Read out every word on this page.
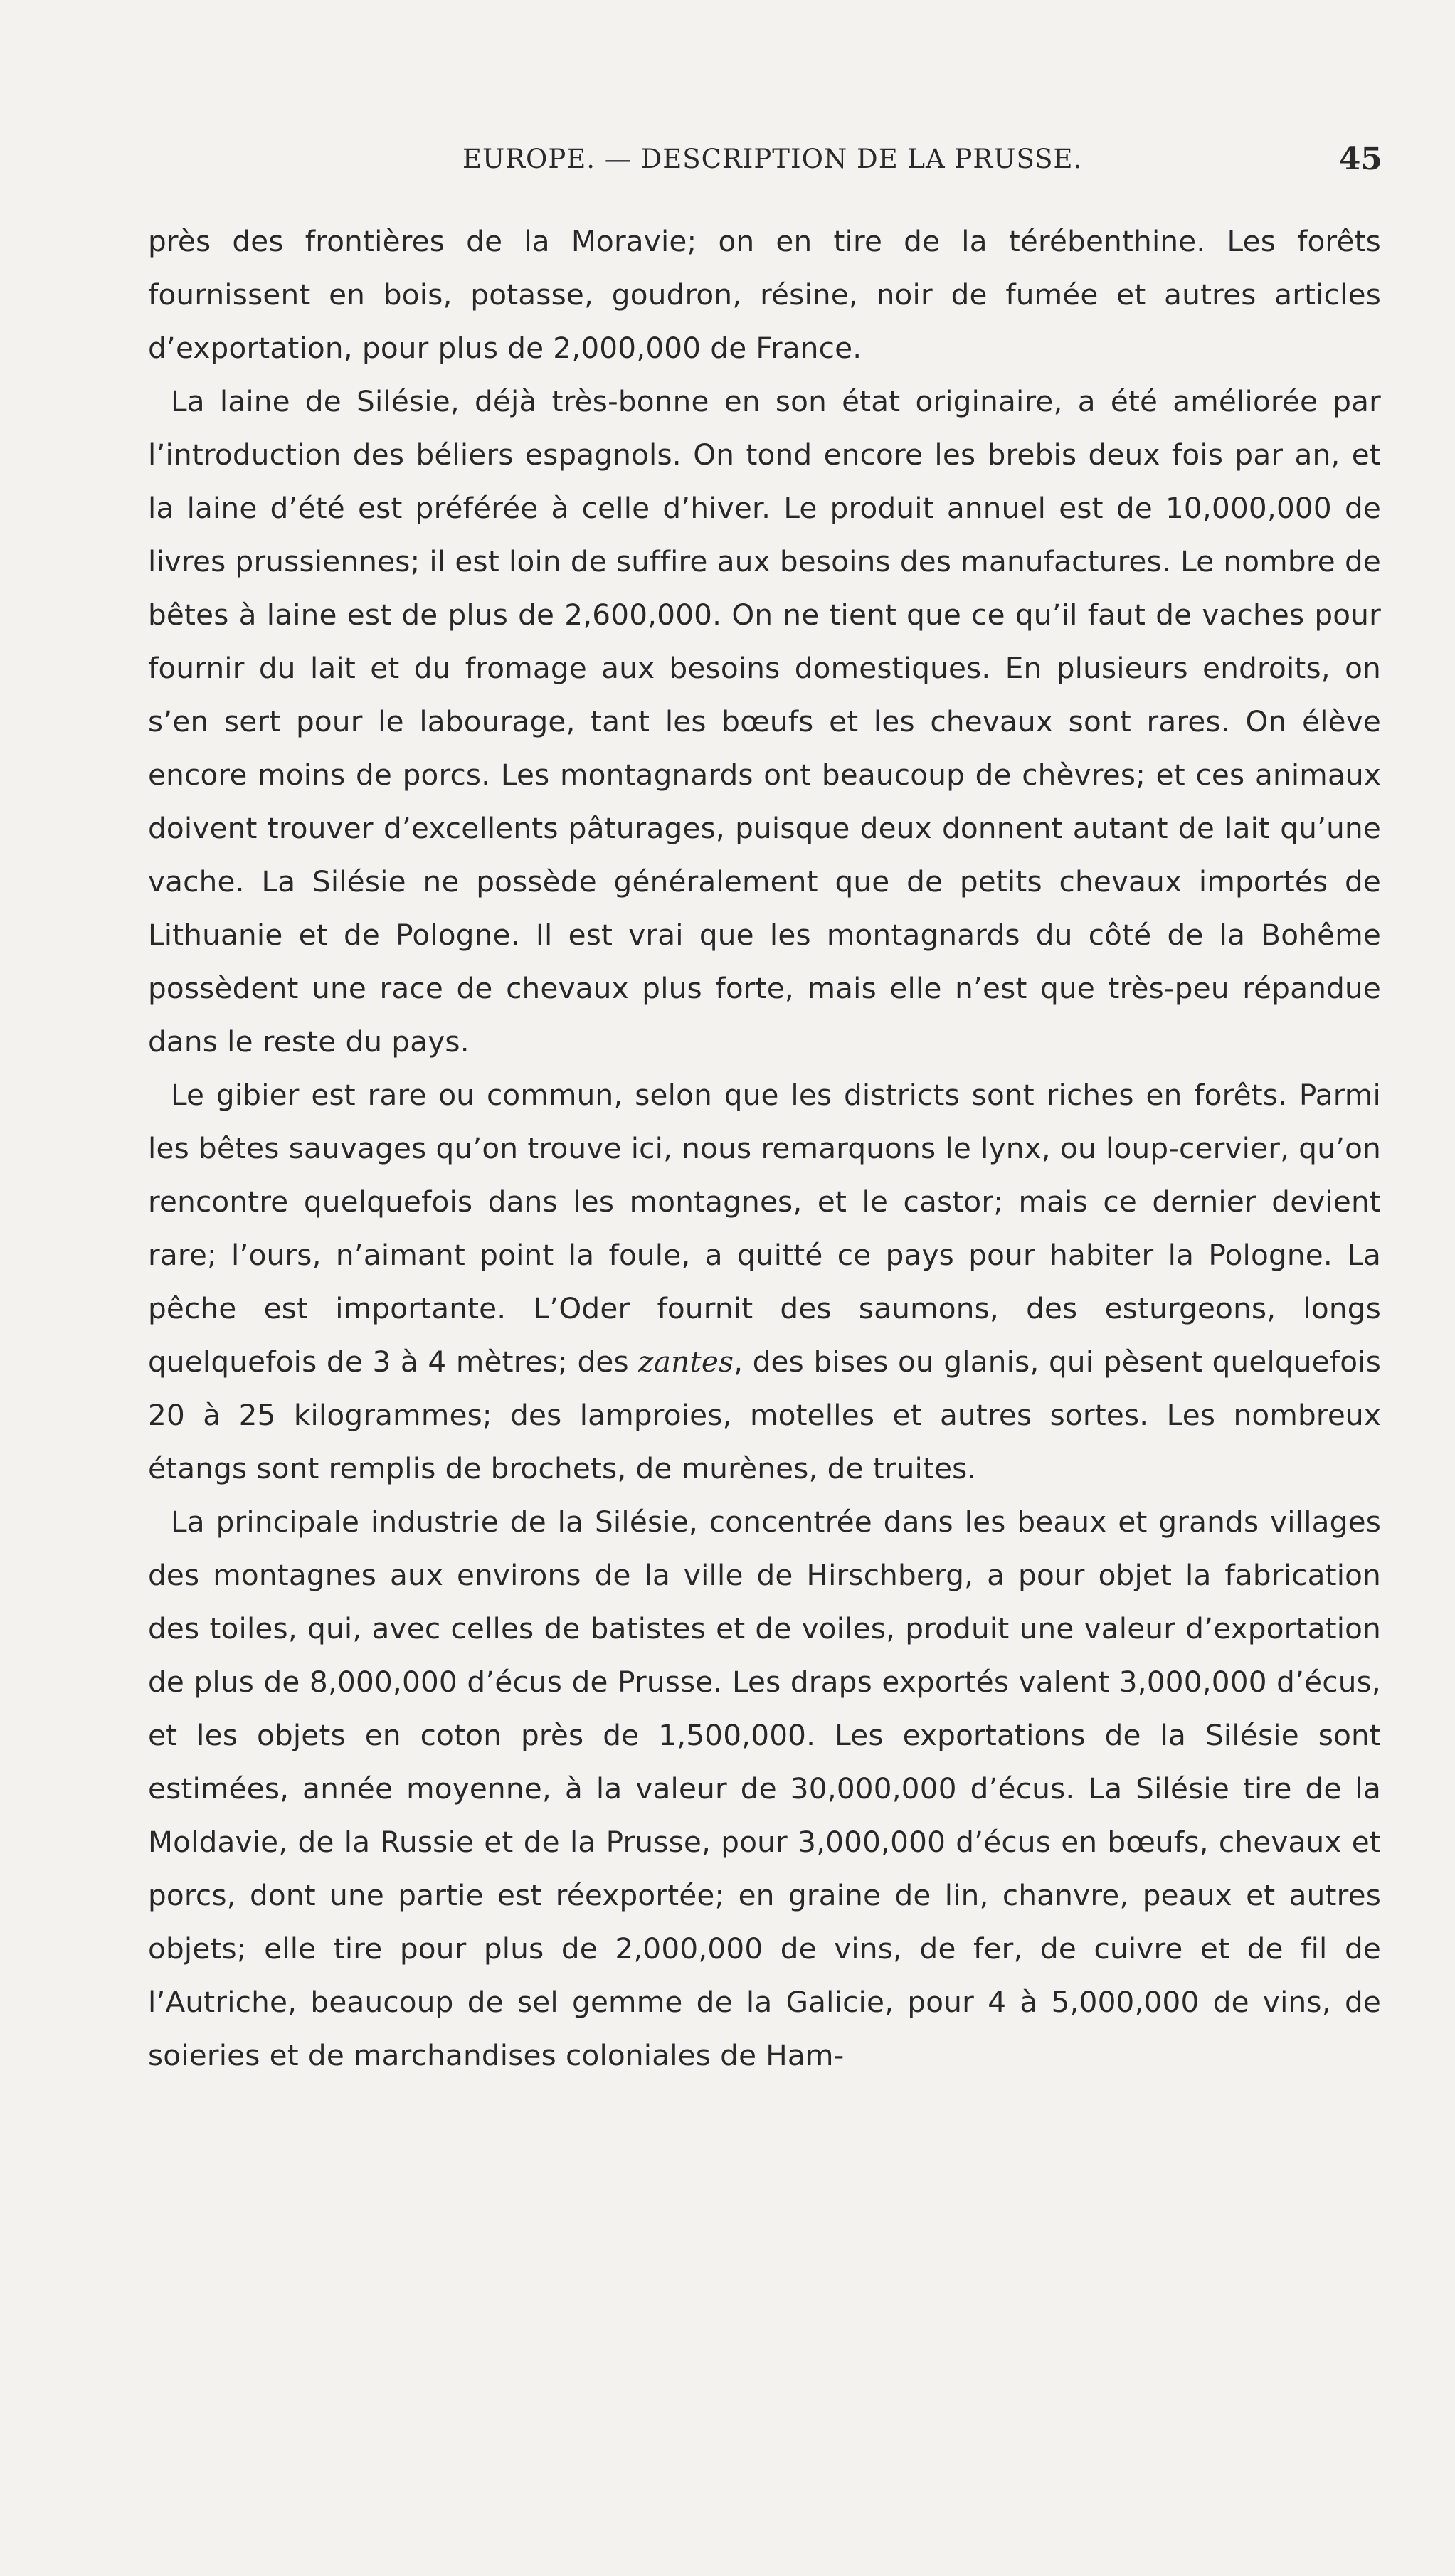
EUROPE. — DESCRIPTION DE LA PRUSSE.	45

près des frontières de la Moravie; on en tire de la térébenthine. Les forêts fournissent en bois, potasse, goudron, résine, noir de fumée et autres articles d’exportation, pour plus de 2,000,000 de France.

La laine de Silésie, déjà très-bonne en son état originaire, a été améliorée par l’introduction des béliers espagnols. On tond encore les brebis deux fois par an, et la laine d’été est préférée à celle d’hiver. Le produit annuel est de 10,000,000 de livres prussiennes; il est loin de suffire aux besoins des manufactures. Le nombre de bêtes à laine est de plus de 2,600,000. On ne tient que ce qu’il faut de vaches pour fournir du lait et du fromage aux besoins domestiques. En plusieurs endroits, on s’en sert pour le labourage, tant les bœufs et les chevaux sont rares. On élève encore moins de porcs. Les montagnards ont beaucoup de chèvres; et ces animaux doivent trouver d’excellents pâturages, puisque deux donnent autant de lait qu’une vache. La Silésie ne possède généralement que de petits chevaux importés de Lithuanie et de Pologne. Il est vrai que les montagnards du côté de la Bohême possèdent une race de chevaux plus forte, mais elle n’est que très-peu répandue dans le reste du pays.

Le gibier est rare ou commun, selon que les districts sont riches en forêts. Parmi les bêtes sauvages qu’on trouve ici, nous remarquons le lynx, ou loup-cervier, qu’on rencontre quelquefois dans les montagnes, et le castor; mais ce dernier devient rare; l’ours, n’aimant point la foule, a quitté ce pays pour habiter la Pologne. La pêche est importante. L’Oder fournit des saumons, des esturgeons, longs quelquefois de 3 à 4 mètres; des zantes, des bises ou glanis, qui pèsent quelquefois 20 à 25 kilogrammes; des lamproies, motelles et autres sortes. Les nombreux étangs sont remplis de brochets, de murènes, de truites.

La principale industrie de la Silésie, concentrée dans les beaux et grands villages des montagnes aux environs de la ville de Hirschberg, a pour objet la fabrication des toiles, qui, avec celles de batistes et de voiles, produit une valeur d’exportation de plus de 8,000,000 d’écus de Prusse. Les draps exportés valent 3,000,000 d’écus, et les objets en coton près de 1,500,000. Les exportations de la Silésie sont estimées, année moyenne, à la valeur de 30,000,000 d’écus. La Silésie tire de la Moldavie, de la Russie et de la Prusse, pour 3,000,000 d’écus en bœufs, chevaux et porcs, dont une partie est réexportée; en graine de lin, chanvre, peaux et autres objets; elle tire pour plus de 2,000,000 de vins, de fer, de cuivre et de fil de l’Autriche, beaucoup de sel gemme de la Galicie, pour 4 à 5,000,000 de vins, de soieries et de marchandises coloniales de Ham-
